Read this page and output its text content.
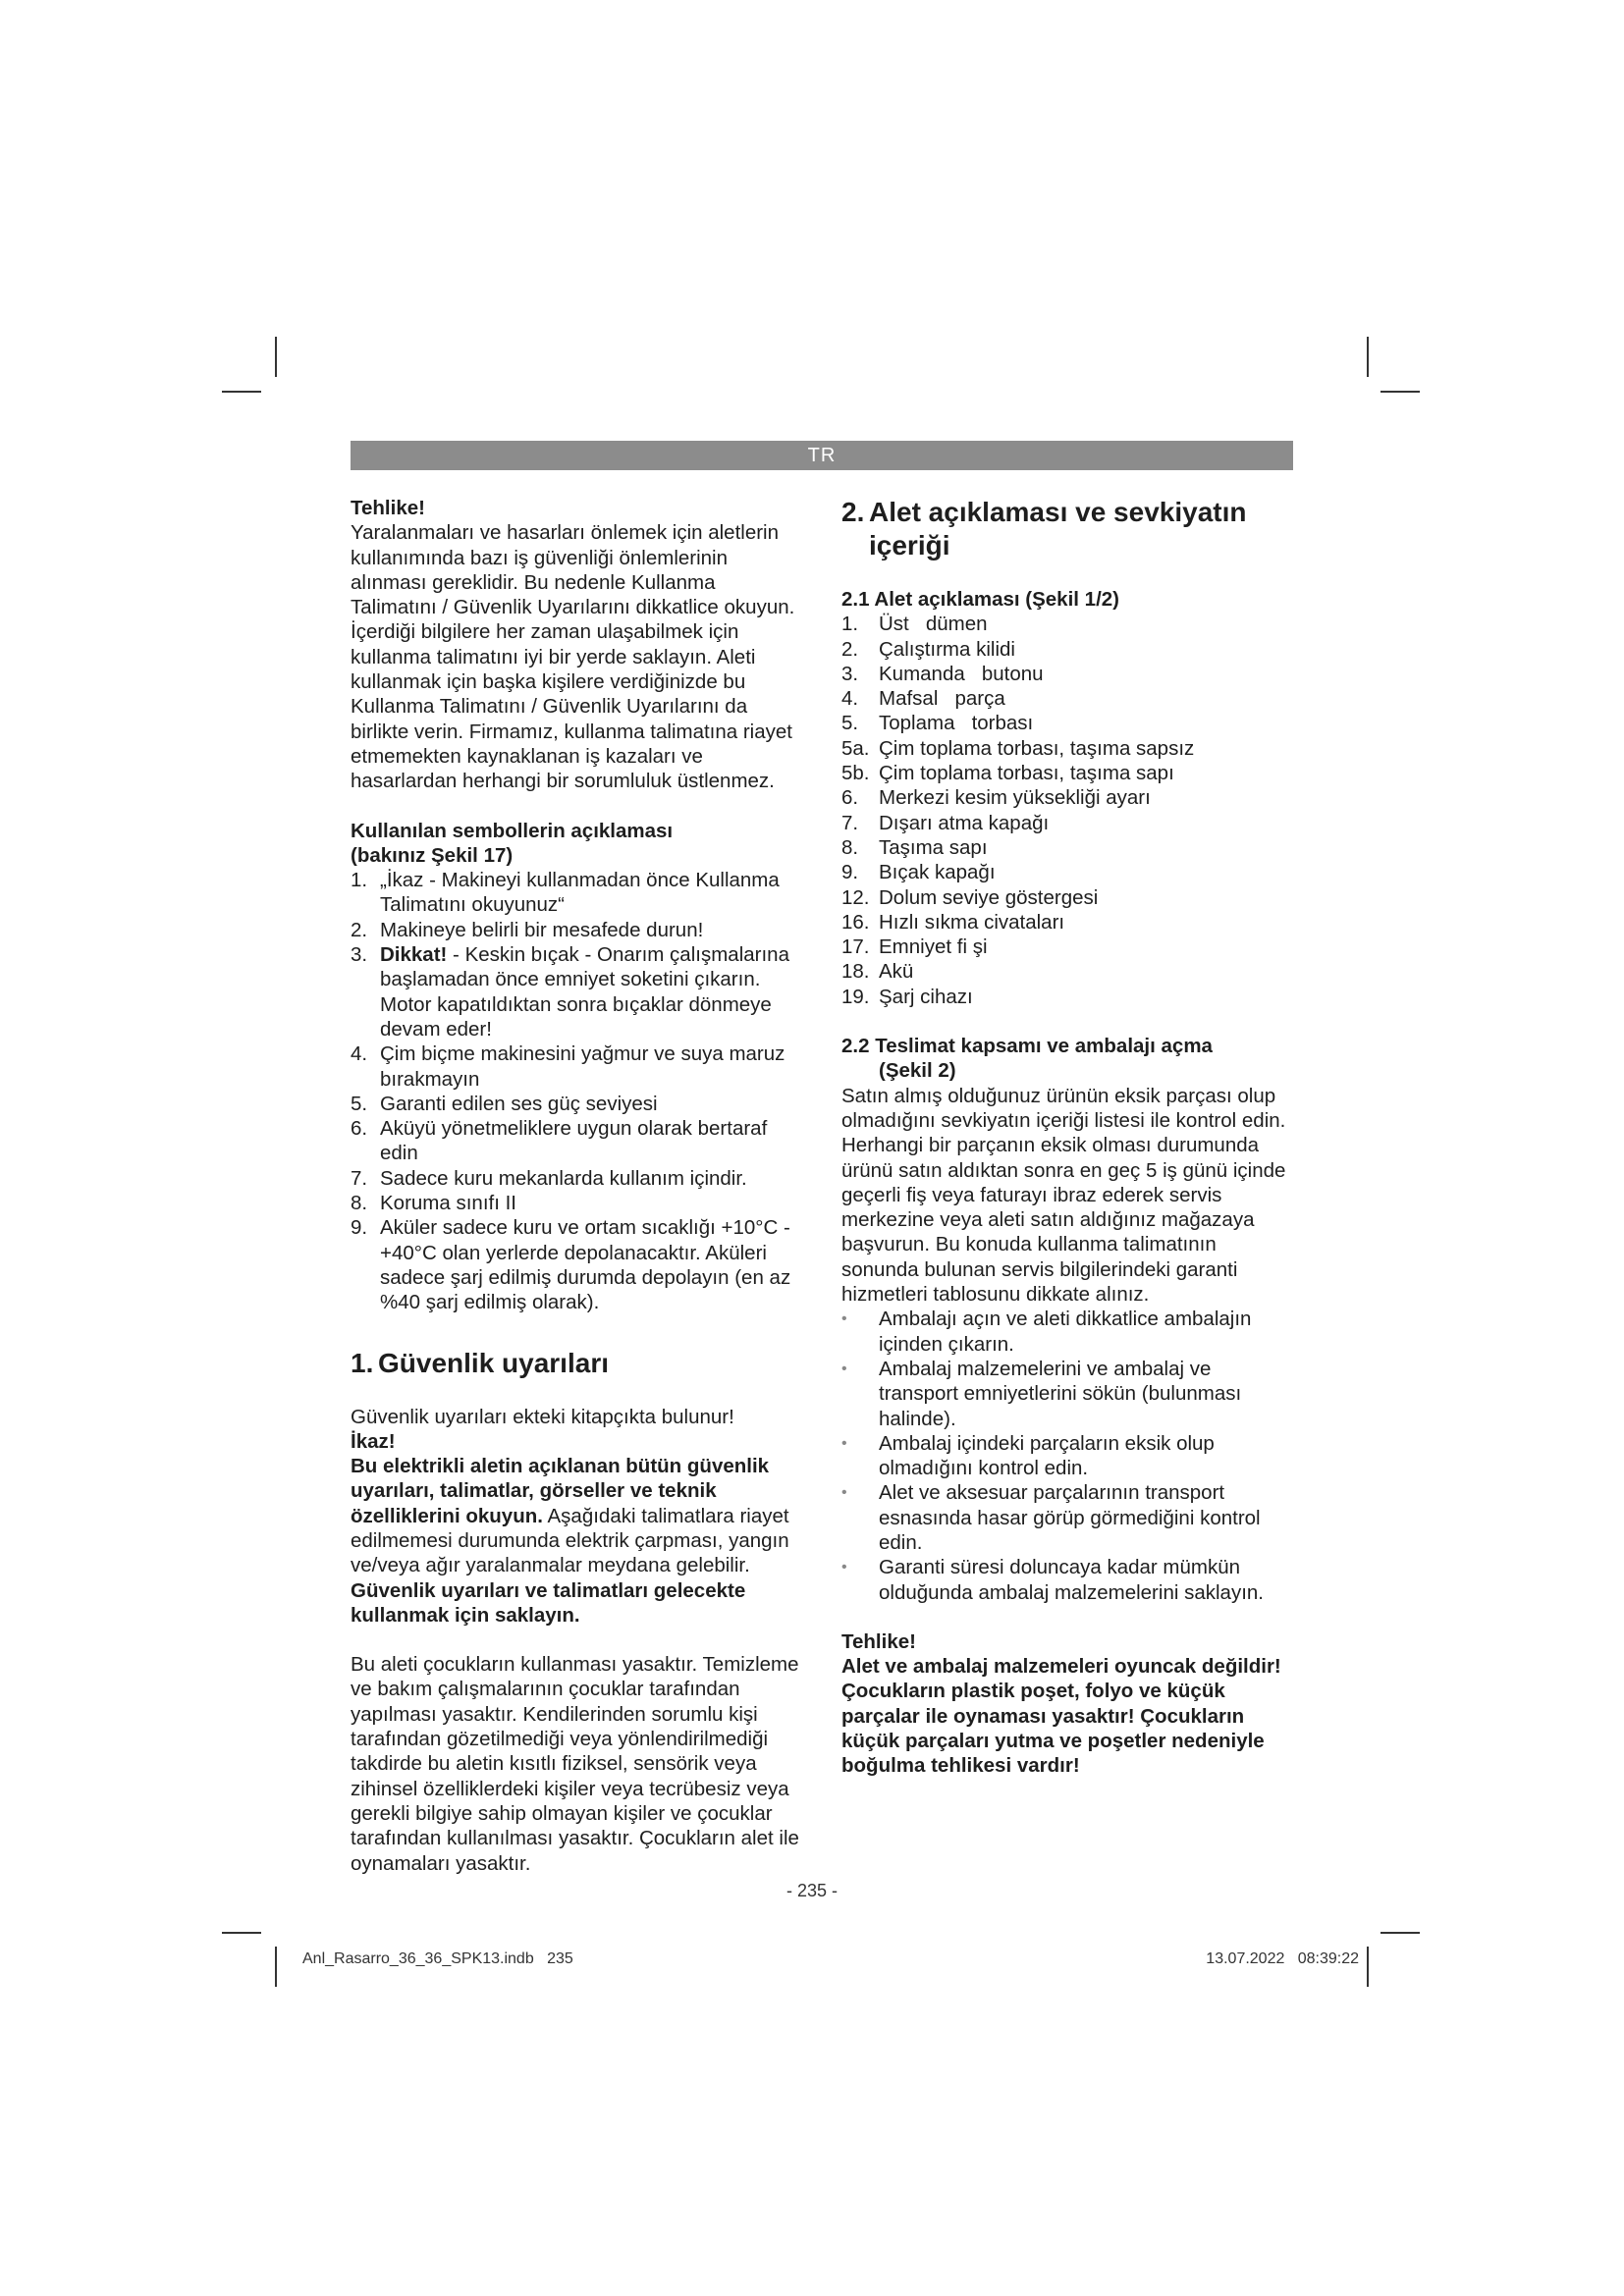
TR

Tehlike!

Yaralanmaları ve hasarları önlemek için aletlerin kullanımında bazı iş güvenliği önlemlerinin alınması gereklidir. Bu nedenle Kullanma Talimatını / Güvenlik Uyarılarını dikkatlice okuyun. İçerdiği bilgilere her zaman ulaşabilmek için kullanma talimatını iyi bir yerde saklayın. Aleti kullanmak için başka kişilere verdiğinizde bu Kullanma Talimatını / Güvenlik Uyarılarını da birlikte verin. Firmamız, kullanma talimatına riayet etmemekten kaynaklanan iş kazaları ve hasarlardan herhangi bir sorumluluk üstlenmez.

Kullanılan sembollerin açıklaması

(bakınız Şekil 17)

1. „İkaz - Makineyi kullanmadan önce Kullanma Talimatını okuyunuz“
2. Makineye belirli bir mesafede durun!
3. Dikkat! - Keskin bıçak - Onarım çalışmalarına başlamadan önce emniyet soketini çıkarın. Motor kapatıldıktan sonra bıçaklar dönmeye devam eder!
4. Çim biçme makinesini yağmur ve suya maruz bırakmayın
5. Garanti edilen ses güç seviyesi
6. Aküyü yönetmeliklere uygun olarak bertaraf edin
7. Sadece kuru mekanlarda kullanım içindir.
8. Koruma sınıfı II
9. Aküler sadece kuru ve ortam sıcaklığı +10°C - +40°C olan yerlerde depolanacaktır. Aküleri sadece şarj edilmiş durumda depolayın (en az %40 şarj edilmiş olarak).
1. Güvenlik uyarıları

Güvenlik uyarıları ekteki kitapçıkta bulunur!

İkaz!

Bu elektrikli aletin açıklanan bütün güvenlik uyarıları, talimatlar, görseller ve teknik özelliklerini okuyun. Aşağıdaki talimatlara riayet edilmemesi durumunda elektrik çarpması, yangın ve/veya ağır yaralanmalar meydana gelebilir.

Güvenlik uyarıları ve talimatları gelecekte kullanmak için saklayın.

Bu aleti çocukların kullanması yasaktır. Temizleme ve bakım çalışmalarının çocuklar tarafından yapılması yasaktır. Kendilerinden sorumlu kişi tarafından gözetilmediği veya yönlendirilmediği takdirde bu aletin kısıtlı fiziksel, sensörik veya zihinsel özelliklerdeki kişiler veya tecrübesiz veya gerekli bilgiye sahip olmayan kişiler ve çocuklar tarafından kullanılması yasaktır. Çocukların alet ile oynamaları yasaktır.

2. Alet açıklaması ve sevkiyatın
içeriği

2.1 Alet açıklaması (Şekil 1/2)

1.	Üst   dümen
2.	Çalıştırma kilidi
3.	Kumanda   butonu
4.	Mafsal   parça
5.	Toplama   torbası
5a. Çim toplama torbası, taşıma sapsız
5b. Çim toplama torbası, taşıma sapı
6.	Merkezi kesim yüksekliği ayarı
7.	Dışarı atma kapağı
8.	Taşıma sapı
9.	Bıçak kapağı
12. Dolum seviye göstergesi
16. Hızlı sıkma civataları
17. Emniyet fi şi
18. Akü
19. Şarj cihazı

2.2 Teslimat kapsamı ve ambalajı açma

(Şekil 2)

Satın almış olduğunuz ürünün eksik parçası olup olmadığını sevkiyatın içeriği listesi ile kontrol edin. Herhangi bir parçanın eksik olması durumunda ürünü satın aldıktan sonra en geç 5 iş günü içinde geçerli fiş veya faturayı ibraz ederek servis merkezine veya aleti satın aldığınız mağazaya başvurun. Bu konuda kullanma talimatının sonunda bulunan servis bilgilerindeki garanti hizmetleri tablosunu dikkate alınız.

•	Ambalajı açın ve aleti dikkatlice ambalajın içinden çıkarın.
•	Ambalaj malzemelerini ve ambalaj ve transport emniyetlerini sökün (bulunması halinde).
•	Ambalaj içindeki parçaların eksik olup olmadığını kontrol edin.
•	Alet ve aksesuar parçalarının transport esnasında hasar görüp görmediğini kontrol edin.
•	Garanti süresi doluncaya kadar mümkün olduğunda ambalaj malzemelerini saklayın.

Tehlike!

Alet ve ambalaj malzemeleri oyuncak değildir! Çocukların plastik poşet, folyo ve küçük parçalar ile oynaması yasaktır! Çocukların küçük parçaları yutma ve poşetler nedeniyle boğulma tehlikesi vardır!

- 235 -
Anl_Rasarro_36_36_SPK13.indb   235	13.07.2022   08:39:22
